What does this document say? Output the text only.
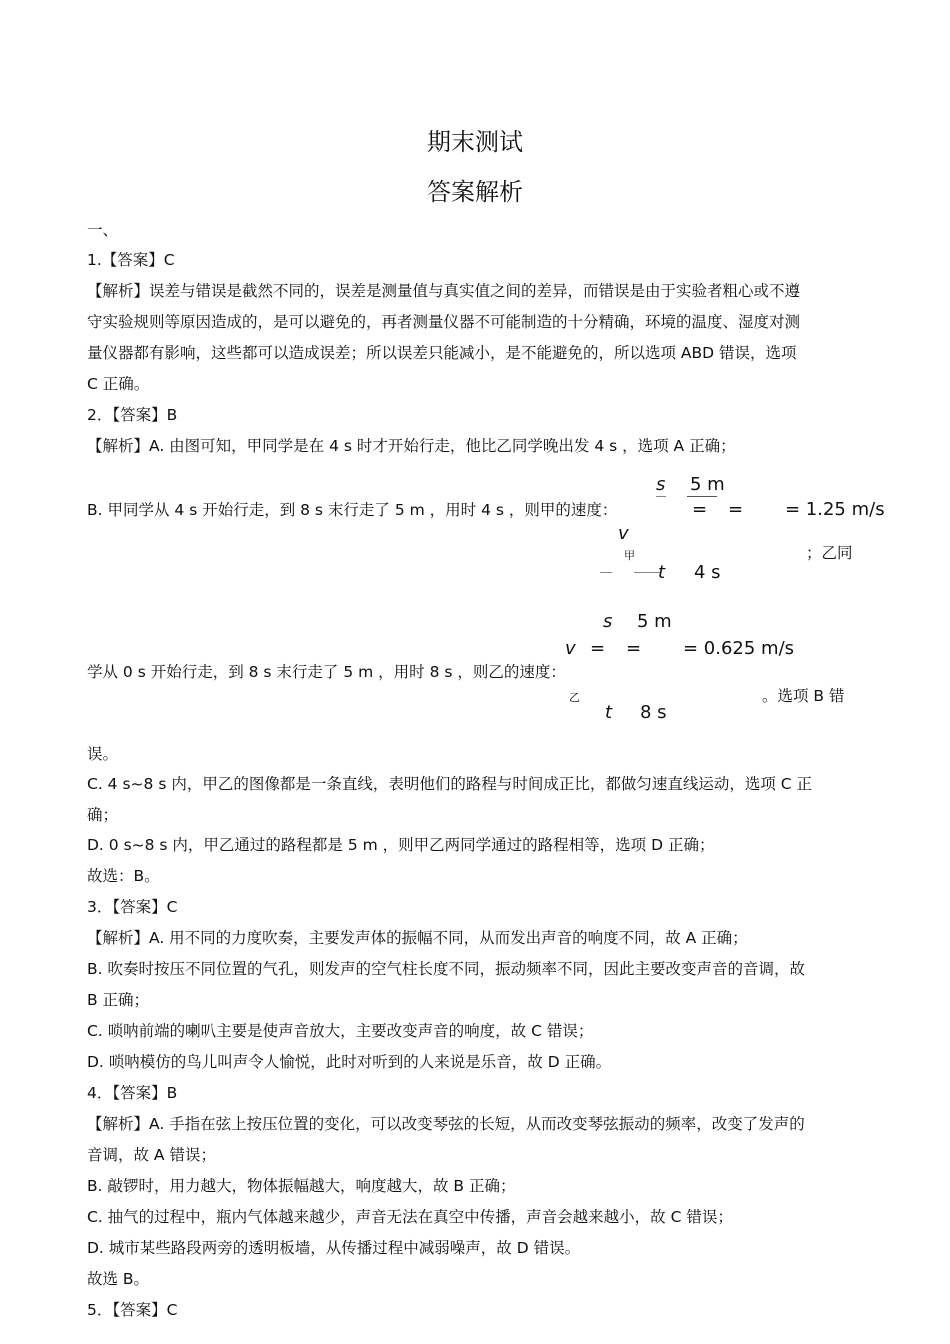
期末测试
答案解析
一、
1.【答案】C
【解析】误差与错误是截然不同的，误差是测量值与真实值之间的差异，而错误是由于实验者粗心或不遵
守实验规则等原因造成的，是可以避免的，再者测量仪器不可能制造的十分精确，环境的温度、湿度对测
量仪器都有影响，这些都可以造成误差；所以误差只能减小，是不能避免的，所以选项 ABD 错误，选项
C 正确。
2．【答案】B
【解析】A. 由图可知，甲同学是在 4 s 时才开始行走，他比乙同学晚出发 4 s ，选项 A 正确；
s 5 m
= = = 1.25 m/s
v
甲
t 4 s
B. 甲同学从 4 s 开始行走，到 8 s 末行走了 5 m ，用时 4 s ，则甲的速度：
；乙同
s 5 m
v = = = 0.625 m/s
乙
t 8 s
学从 0 s 开始行走，到 8 s 末行走了 5 m ，用时 8 s ，则乙的速度：
。选项 B 错
误。
C. 4 s~8 s 内，甲乙的图像都是一条直线，表明他们的路程与时间成正比，都做匀速直线运动，选项 C 正
确；
D. 0 s~8 s 内，甲乙通过的路程都是 5 m ，则甲乙两同学通过的路程相等，选项 D 正确；
故选：B。
3．【答案】C
【解析】A. 用不同的力度吹奏，主要发声体的振幅不同，从而发出声音的响度不同，故 A 正确；
B. 吹奏时按压不同位置的气孔，则发声的空气柱长度不同，振动频率不同，因此主要改变声音的音调，故
B 正确；
C. 唢呐前端的喇叭主要是使声音放大，主要改变声音的响度，故 C 错误；
D. 唢呐模仿的鸟儿叫声令人愉悦，此时对听到的人来说是乐音，故 D 正确。
4．【答案】B
【解析】A. 手指在弦上按压位置的变化，可以改变琴弦的长短，从而改变琴弦振动的频率，改变了发声的
音调，故 A 错误；
B. 敲锣时，用力越大，物体振幅越大，响度越大，故 B 正确；
C. 抽气的过程中，瓶内气体越来越少，声音无法在真空中传播，声音会越来越小，故 C 错误；
D. 城市某些路段两旁的透明板墙，从传播过程中减弱噪声，故 D 错误。
故选 B。
5．【答案】C
